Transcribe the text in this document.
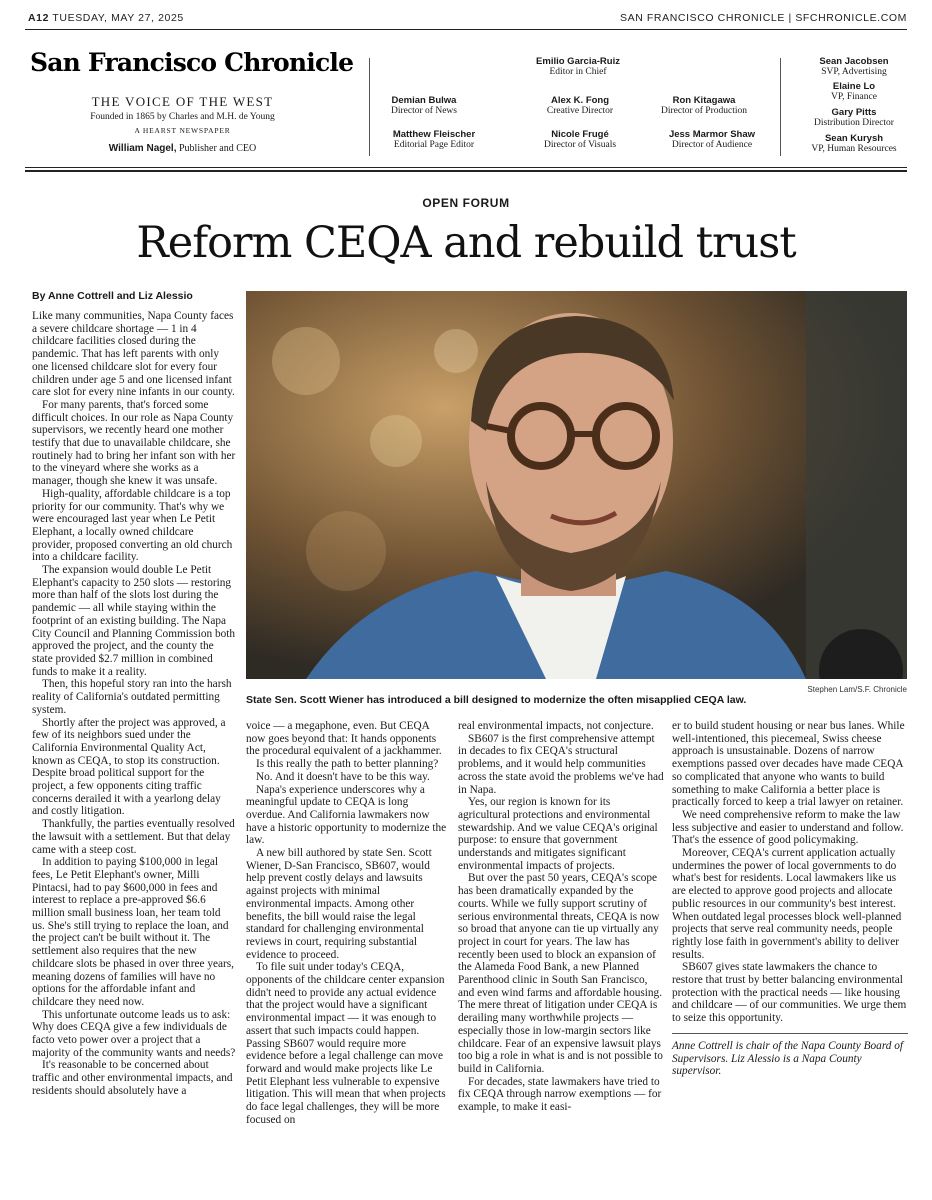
A12 TUESDAY, MAY 27, 2025	SAN FRANCISCO CHRONICLE | SFCHRONICLE.COM
San Francisco Chronicle
THE VOICE OF THE WEST
Founded in 1865 by Charles and M.H. de Young
A HEARST NEWSPAPER
William Nagel, Publisher and CEO
Emilio Garcia-Ruiz
Editor in Chief
Demian Bulwa
Director of News
Alex K. Fong
Creative Director
Ron Kitagawa
Director of Production
Matthew Fleischer
Editorial Page Editor
Nicole Frugé
Director of Visuals
Jess Marmor Shaw
Director of Audience
Sean Jacobsen
SVP, Advertising
Elaine Lo
VP, Finance
Gary Pitts
Distribution Director
Sean Kurysh
VP, Human Resources
OPEN FORUM
Reform CEQA and rebuild trust
By Anne Cottrell and Liz Alessio
Stephen Lam/S.F. Chronicle
State Sen. Scott Wiener has introduced a bill designed to modernize the often misapplied CEQA law.

Like many communities, Napa County faces a severe childcare shortage — 1 in 4 childcare facilities closed during the pandemic. That has left parents with only one licensed childcare slot for every four children under age 5 and one licensed infant care slot for every nine infants in our county.

For many parents, that's forced some difficult choices. In our role as Napa County supervisors, we recently heard one mother testify that due to unavailable childcare, she routinely had to bring her infant son with her to the vineyard where she works as a manager, though she knew it was unsafe.

High-quality, affordable childcare is a top priority for our community. That's why we were encouraged last year when Le Petit Elephant, a locally owned childcare provider, proposed converting an old church into a childcare facility.

The expansion would double Le Petit Elephant's capacity to 250 slots — restoring more than half of the slots lost during the pandemic — all while staying within the footprint of an existing building. The Napa City Council and Planning Commission both approved the project, and the county the state provided $2.7 million in combined funds to make it a reality.

Then, this hopeful story ran into the harsh reality of California's outdated permitting system.

Shortly after the project was approved, a few of its neighbors sued under the California Environmental Quality Act, known as CEQA, to stop its construction. Despite broad political support for the project, a few opponents citing traffic concerns derailed it with a yearlong delay and costly litigation.

Thankfully, the parties eventually resolved the lawsuit with a settlement. But that delay came with a steep cost.

In addition to paying $100,000 in legal fees, Le Petit Elephant's owner, Milli Pintacsi, had to pay $600,000 in fees and interest to replace a pre-approved $6.6 million small business loan, her team told us. She's still trying to replace the loan, and the project can't be built without it. The settlement also requires that the new childcare slots be phased in over three years, meaning dozens of families will have no options for the affordable infant and childcare they need now.

This unfortunate outcome leads us to ask: Why does CEQA give a few individuals de facto veto power over a project that a majority of the community wants and needs?

It's reasonable to be concerned about traffic and other environmental impacts, and residents should absolutely have a

voice — a megaphone, even. But CEQA now goes beyond that: It hands opponents the procedural equivalent of a jackhammer.

Is this really the path to better planning?

No. And it doesn't have to be this way.

Napa's experience underscores why a meaningful update to CEQA is long overdue. And California lawmakers now have a historic opportunity to modernize the law.

A new bill authored by state Sen. Scott Wiener, D-San Francisco, SB607, would help prevent costly delays and lawsuits against projects with minimal environmental impacts. Among other benefits, the bill would raise the legal standard for challenging environmental reviews in court, requiring substantial evidence to proceed.

To file suit under today's CEQA, opponents of the childcare center expansion didn't need to provide any actual evidence that the project would have a significant environmental impact — it was enough to assert that such impacts could happen. Passing SB607 would require more evidence before a legal challenge can move forward and would make projects like Le Petit Elephant less vulnerable to expensive litigation. This will mean that when projects do face legal challenges, they will be more focused on

real environmental impacts, not conjecture.

SB607 is the first comprehensive attempt in decades to fix CEQA's structural problems, and it would help communities across the state avoid the problems we've had in Napa.

Yes, our region is known for its agricultural protections and environmental stewardship. And we value CEQA's original purpose: to ensure that government understands and mitigates significant environmental impacts of projects.

But over the past 50 years, CEQA's scope has been dramatically expanded by the courts. While we fully support scrutiny of serious environmental threats, CEQA is now so broad that anyone can tie up virtually any project in court for years. The law has recently been used to block an expansion of the Alameda Food Bank, a new Planned Parenthood clinic in South San Francisco, and even wind farms and affordable housing. The mere threat of litigation under CEQA is derailing many worthwhile projects — especially those in low-margin sectors like childcare. Fear of an expensive lawsuit plays too big a role in what is and is not possible to build in California.

For decades, state lawmakers have tried to fix CEQA through narrow exemptions — for example, to make it easi-

er to build student housing or near bus lanes. While well-intentioned, this piecemeal, Swiss cheese approach is unsustainable. Dozens of narrow exemptions passed over decades have made CEQA so complicated that anyone who wants to build something to make California a better place is practically forced to keep a trial lawyer on retainer.

We need comprehensive reform to make the law less subjective and easier to understand and follow. That's the essence of good policymaking.

Moreover, CEQA's current application actually undermines the power of local governments to do what's best for residents. Local lawmakers like us are elected to approve good projects and allocate public resources in our community's best interest. When outdated legal processes block well-planned projects that serve real community needs, people rightly lose faith in government's ability to deliver results.

SB607 gives state lawmakers the chance to restore that trust by better balancing environmental protection with the practical needs — like housing and childcare — of our communities. We urge them to seize this opportunity.

Anne Cottrell is chair of the Napa County Board of Supervisors. Liz Alessio is a Napa County supervisor.
